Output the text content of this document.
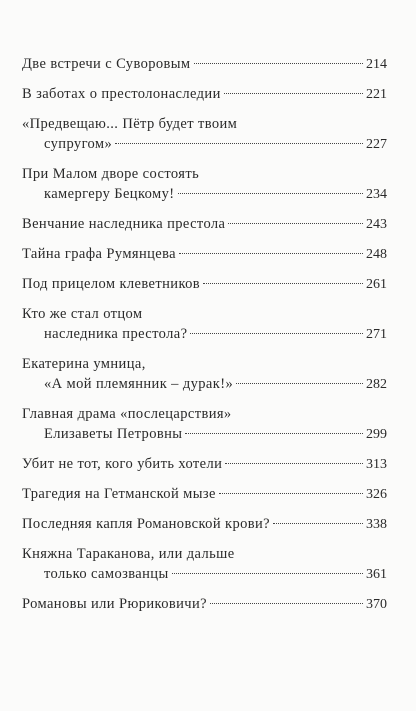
Две встречи с Суворовым	214
В заботах о престолонаследии	221
«Предвещаю... Пётр будет твоим
супругом»	227
При Малом дворе состоять
камергеру Бецкому!	234
Венчание наследника престола	243
Тайна графа Румянцева	248
Под прицелом клеветников	261
Кто же стал отцом
наследника престола?	271
Екатерина умница,
«А мой племянник – дурак!»	282
Главная драма «послецарствия»
Елизаветы Петровны	299
Убит не тот, кого убить хотели	313
Трагедия на Гетманской мызе	326
Последняя капля Романовской крови?	338
Княжна Тараканова, или дальше
только самозванцы	361
Романовы или Рюриковичи?	370
